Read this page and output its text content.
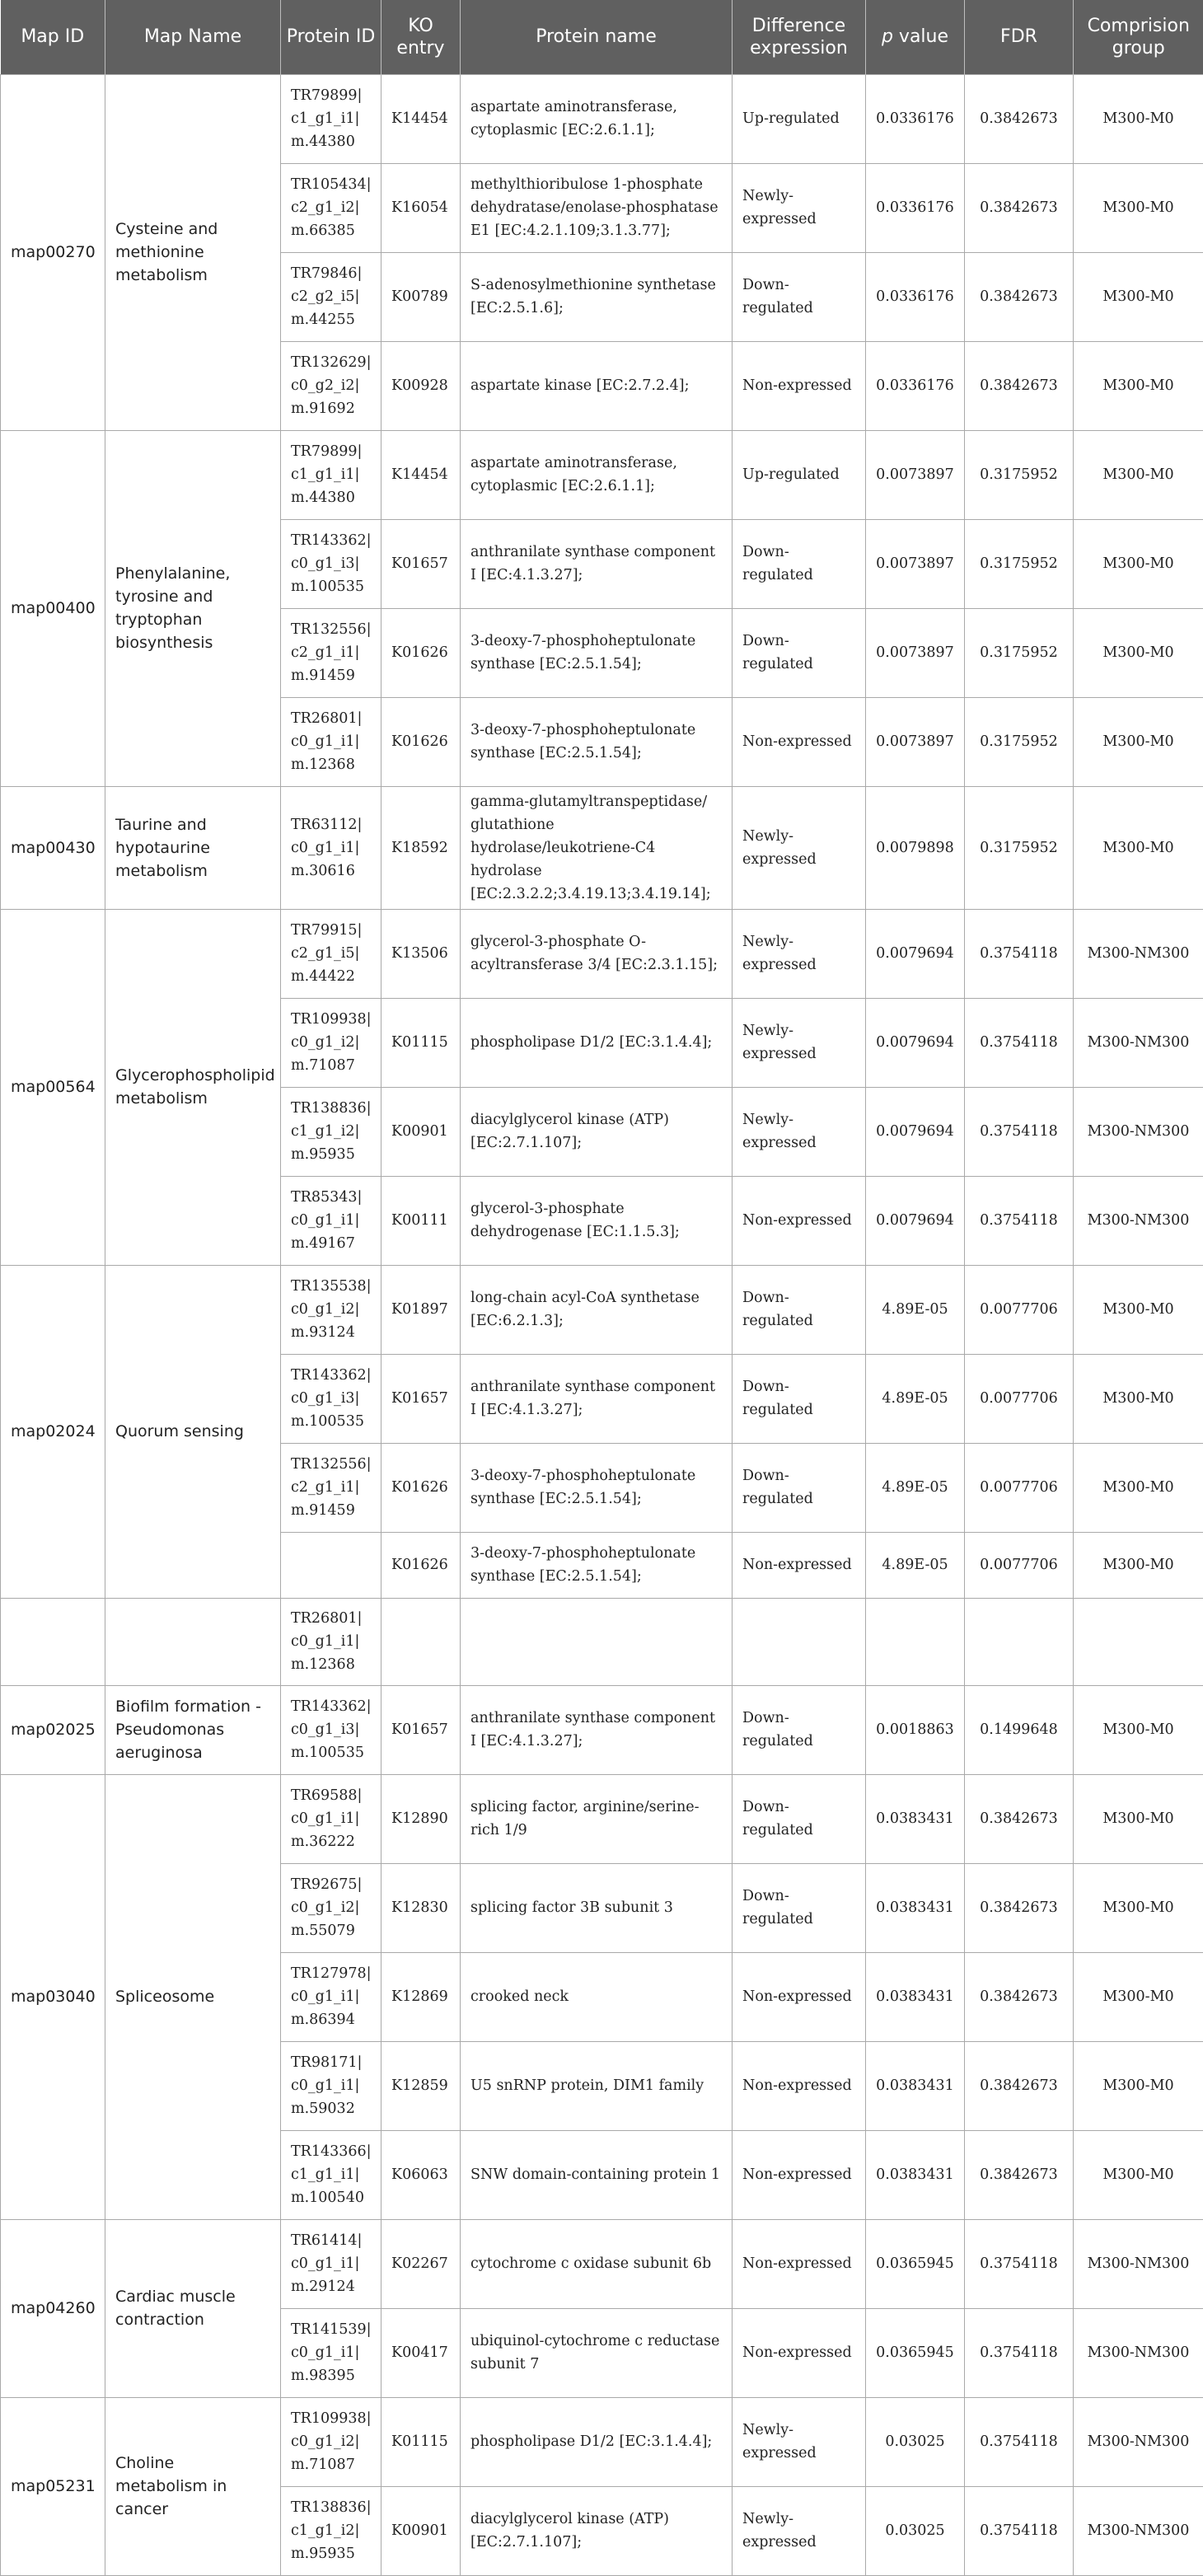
Map ID	Map Name	Protein ID	KO entry	Protein name	Difference expression	p value	FDR	Comprision group
map00270	Cysteine and methionine metabolism	TR79899|
c1_g1_i1|
m.44380	K14454	aspartate aminotransferase, cytoplasmic [EC:2.6.1.1];	Up-regulated	0.0336176	0.3842673	M300-M0
		TR105434|
c2_g1_i2|
m.66385	K16054	methylthioribulose 1-phosphate dehydratase/enolase-phosphatase E1 [EC:4.2.1.109;3.1.3.77];	Newly-expressed	0.0336176	0.3842673	M300-M0
		TR79846|
c2_g2_i5|
m.44255	K00789	S-adenosylmethionine synthetase [EC:2.5.1.6];	Down-regulated	0.0336176	0.3842673	M300-M0
		TR132629|
c0_g2_i2|
m.91692	K00928	aspartate kinase [EC:2.7.2.4];	Non-expressed	0.0336176	0.3842673	M300-M0
map00400	Phenylalanine, tyrosine and tryptophan biosynthesis	TR79899|
c1_g1_i1|
m.44380	K14454	aspartate aminotransferase, cytoplasmic [EC:2.6.1.1];	Up-regulated	0.0073897	0.3175952	M300-M0
		TR143362|
c0_g1_i3|
m.100535	K01657	anthranilate synthase component I [EC:4.1.3.27];	Down-regulated	0.0073897	0.3175952	M300-M0
		TR132556|
c2_g1_i1|
m.91459	K01626	3-deoxy-7-phosphoheptulonate synthase [EC:2.5.1.54];	Down-regulated	0.0073897	0.3175952	M300-M0
		TR26801|
c0_g1_i1|
m.12368	K01626	3-deoxy-7-phosphoheptulonate synthase [EC:2.5.1.54];	Non-expressed	0.0073897	0.3175952	M300-M0
map00430	Taurine and hypotaurine metabolism	TR63112|
c0_g1_i1|
m.30616	K18592	gamma-glutamyltranspeptidase/ glutathione hydrolase/leukotriene-C4 hydrolase [EC:2.3.2.2;3.4.19.13;3.4.19.14];	Newly-expressed	0.0079898	0.3175952	M300-M0
map00564	Glycerophospholipid metabolism	TR79915|
c2_g1_i5|
m.44422	K13506	glycerol-3-phosphate O-acyltransferase 3/4 [EC:2.3.1.15];	Newly-expressed	0.0079694	0.3754118	M300-NM300
		TR109938|
c0_g1_i2|
m.71087	K01115	phospholipase D1/2 [EC:3.1.4.4];	Newly-expressed	0.0079694	0.3754118	M300-NM300
		TR138836|
c1_g1_i2|
m.95935	K00901	diacylglycerol kinase (ATP) [EC:2.7.1.107];	Newly-expressed	0.0079694	0.3754118	M300-NM300
		TR85343|
c0_g1_i1|
m.49167	K00111	glycerol-3-phosphate dehydrogenase [EC:1.1.5.3];	Non-expressed	0.0079694	0.3754118	M300-NM300
map02024	Quorum sensing	TR135538|
c0_g1_i2|
m.93124	K01897	long-chain acyl-CoA synthetase [EC:6.2.1.3];	Down-regulated	4.89E-05	0.0077706	M300-M0
		TR143362|
c0_g1_i3|
m.100535	K01657	anthranilate synthase component I [EC:4.1.3.27];	Down-regulated	4.89E-05	0.0077706	M300-M0
		TR132556|
c2_g1_i1|
m.91459	K01626	3-deoxy-7-phosphoheptulonate synthase [EC:2.5.1.54];	Down-regulated	4.89E-05	0.0077706	M300-M0
			K01626	3-deoxy-7-phosphoheptulonate synthase [EC:2.5.1.54];	Non-expressed	4.89E-05	0.0077706	M300-M0
		TR26801|
c0_g1_i1|
m.12368						
map02025	Biofilm formation - Pseudomonas aeruginosa	TR143362|
c0_g1_i3|
m.100535	K01657	anthranilate synthase component I [EC:4.1.3.27];	Down-regulated	0.0018863	0.1499648	M300-M0
map03040	Spliceosome	TR69588|
c0_g1_i1|
m.36222	K12890	splicing factor, arginine/serine-rich 1/9	Down-regulated	0.0383431	0.3842673	M300-M0
		TR92675|
c0_g1_i2|
m.55079	K12830	splicing factor 3B subunit 3	Down-regulated	0.0383431	0.3842673	M300-M0
		TR127978|
c0_g1_i1|
m.86394	K12869	crooked neck	Non-expressed	0.0383431	0.3842673	M300-M0
		TR98171|
c0_g1_i1|
m.59032	K12859	U5 snRNP protein, DIM1 family	Non-expressed	0.0383431	0.3842673	M300-M0
		TR143366|
c1_g1_i1|
m.100540	K06063	SNW domain-containing protein 1	Non-expressed	0.0383431	0.3842673	M300-M0
map04260	Cardiac muscle contraction	TR61414|
c0_g1_i1|
m.29124	K02267	cytochrome c oxidase subunit 6b	Non-expressed	0.0365945	0.3754118	M300-NM300
		TR141539|
c0_g1_i1|
m.98395	K00417	ubiquinol-cytochrome c reductase subunit 7	Non-expressed	0.0365945	0.3754118	M300-NM300
map05231	Choline metabolism in cancer	TR109938|
c0_g1_i2|
m.71087	K01115	phospholipase D1/2 [EC:3.1.4.4];	Newly-expressed	0.03025	0.3754118	M300-NM300
		TR138836|
c1_g1_i2|
m.95935	K00901	diacylglycerol kinase (ATP) [EC:2.7.1.107];	Newly-expressed	0.03025	0.3754118	M300-NM300
